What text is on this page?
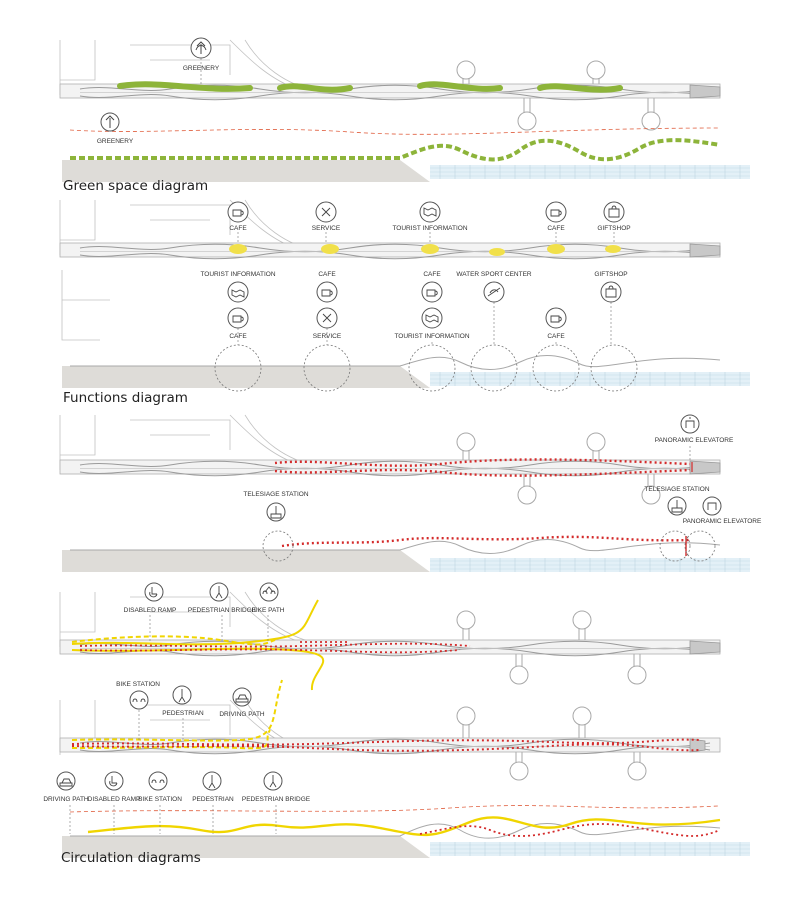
GREENERY
GREENERY
Green space diagram
CAFE	SERVICE	TOURIST INFORMATION	CAFE	GIFTSHOP
TOURIST INFORMATION	CAFE	CAFE WATER SPORT CENTER	GIFTSHOP
CAFE	SERVICE	TOURIST INFORMATION	CAFE
Functions diagram
PANORAMIC ELEVATORE
TELESIAGE STATION
TELESIAGE STATION
PANORAMIC ELEVATORE
DISABLED RAMP PEDESTRIAN BRIDGE
BIKE PATH
BIKE STATION
PEDESTRIAN DRIVING PATH
DRIVING PATH
DISABLED RAMP
BIKE STATION PEDESTRIAN PEDESTRIAN BRIDGE
Circulation diagrams
